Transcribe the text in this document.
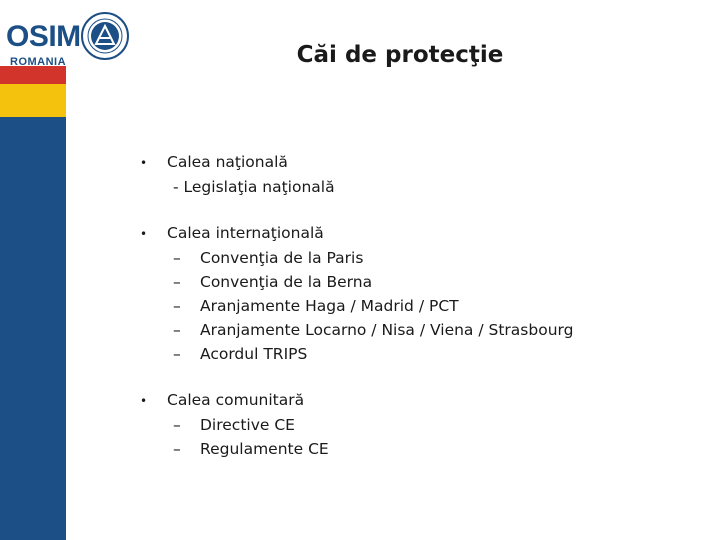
OSIM
ROMANIA	Căi de protecţie
•	Calea naţională
- Legislaţia naţională
•	Calea internaţională
–	Convenţia de la Paris
–	Convenţia de la Berna
–	Aranjamente Haga / Madrid / PCT
–	Aranjamente Locarno / Nisa / Viena / Strasbourg
–	Acordul TRIPS
•	Calea comunitară
–	Directive CE
–	Regulamente CE
